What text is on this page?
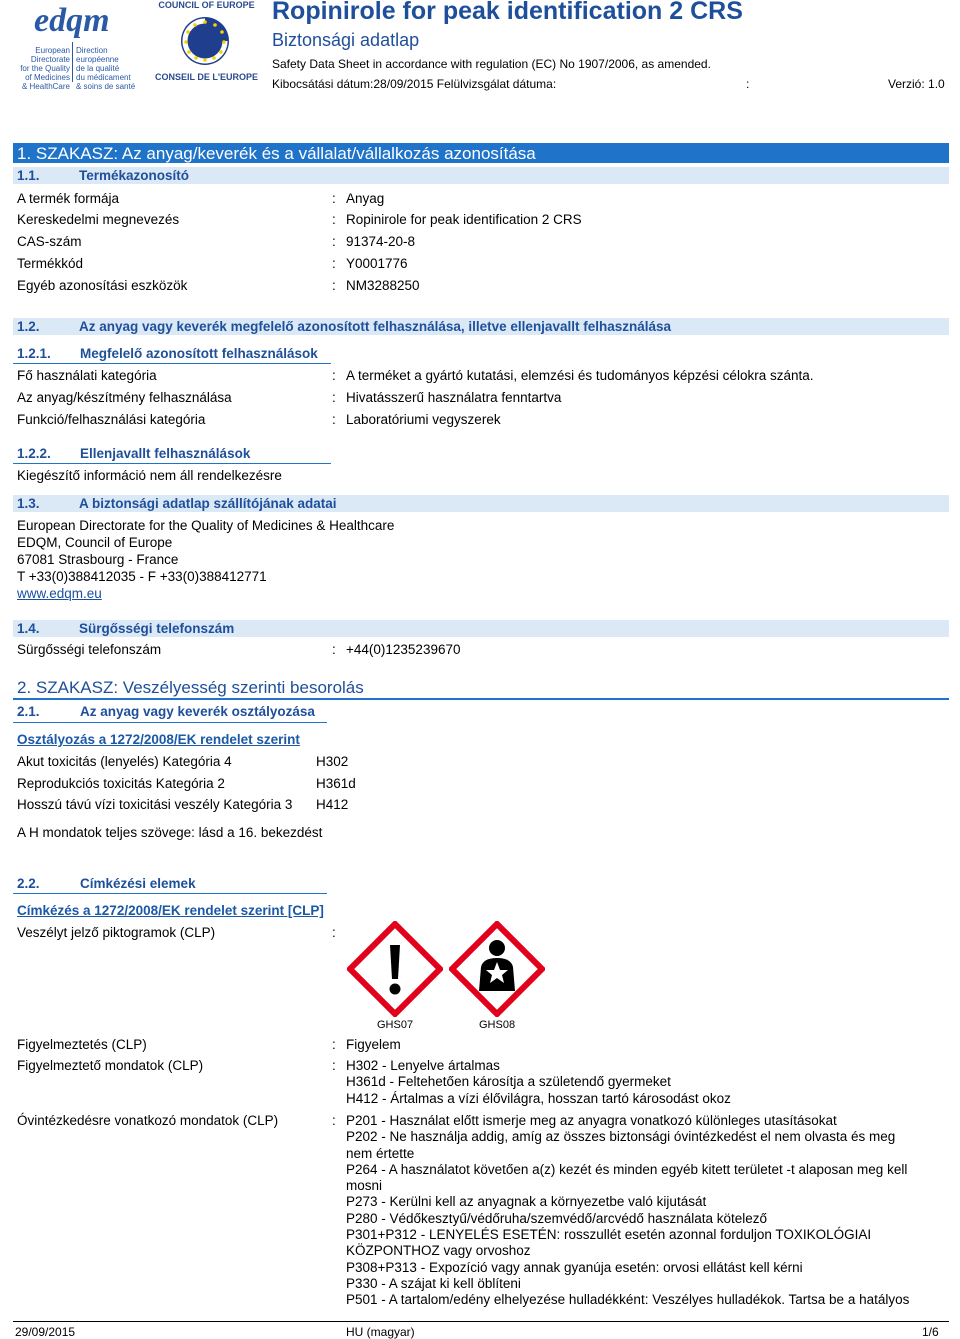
edqm
European Directorate
for the Quality
of Medicines
& HealthCare
Direction européenne
de la qualité
du médicament
& soins de santé
COUNCIL OF EUROPE
CONSEIL DE L'EUROPE
Ropinirole for peak identification 2 CRS
Biztonsági adatlap
Safety Data Sheet in accordance with regulation (EC) No 1907/2006, as amended.
Kibocsátási dátum:28/09/2015 Felülvizsgálat dátuma:	:	Verzió: 1.0
1. SZAKASZ: Az anyag/keverék és a vállalat/vállalkozás azonosítása
1.1.	Termékazonosító
A termék formája	: Anyag
Kereskedelmi megnevezés	: Ropinirole for peak identification 2 CRS
CAS-szám	: 91374-20-8
Termékkód	: Y0001776
Egyéb azonosítási eszközök	: NM3288250
1.2.	Az anyag vagy keverék megfelelő azonosított felhasználása, illetve ellenjavallt felhasználása
1.2.1. Megfelelő azonosított felhasználások
Fő használati kategória	: A terméket a gyártó kutatási, elemzési és tudományos képzési célokra szánta.
Az anyag/készítmény felhasználása	: Hivatásszerű használatra fenntartva
Funkció/felhasználási kategória	: Laboratóriumi vegyszerek
1.2.2. Ellenjavallt felhasználások
Kiegészítő információ nem áll rendelkezésre
1.3.	A biztonsági adatlap szállítójának adatai
European Directorate for the Quality of Medicines & Healthcare
EDQM, Council of Europe
67081 Strasbourg - France
T +33(0)388412035 - F +33(0)388412771
www.edqm.eu
1.4.	Sürgősségi telefonszám
Sürgősségi telefonszám	: +44(0)1235239670
2. SZAKASZ: Veszélyesség szerinti besorolás
2.1.	Az anyag vagy keverék osztályozása
Osztályozás a 1272/2008/EK rendelet szerint
Akut toxicitás (lenyelés) Kategória 4	H302
Reprodukciós toxicitás Kategória 2	H361d
Hosszú távú vízi toxicitási veszély Kategória 3 H412
A H mondatok teljes szövege: lásd a 16. bekezdést
2.2.	Címkézési elemek
Címkézés a 1272/2008/EK rendelet szerint [CLP]
Veszélyt jelző piktogramok (CLP)	:
GHS07	GHS08
Figyelmeztetés (CLP)	: Figyelem
Figyelmeztető mondatok (CLP)	: H302 - Lenyelve ártalmas
H361d - Feltehetően károsítja a születendő gyermeket
H412 - Ártalmas a vízi élővilágra, hosszan tartó károsodást okoz
Óvintézkedésre vonatkozó mondatok (CLP)	: P201 - Használat előtt ismerje meg az anyagra vonatkozó különleges utasításokat
P202 - Ne használja addig, amíg az összes biztonsági óvintézkedést el nem olvasta és meg
nem értette
P264 - A használatot követően a(z) kezét és minden egyéb kitett területet -t alaposan meg kell
mosni
P273 - Kerülni kell az anyagnak a környezetbe való kijutását
P280 - Védőkesztyű/védőruha/szemvédő/arcvédő használata kötelező
P301+P312 - LENYELÉS ESETÉN: rosszullét esetén azonnal forduljon TOXIKOLÓGIAI
KÖZPONTHOZ vagy orvoshoz
P308+P313 - Expozíció vagy annak gyanúja esetén: orvosi ellátást kell kérni
P330 - A szájat ki kell öblíteni
P501 - A tartalom/edény elhelyezése hulladékként: Veszélyes hulladékok. Tartsa be a hatályos
29/09/2015	HU (magyar)	1/6
